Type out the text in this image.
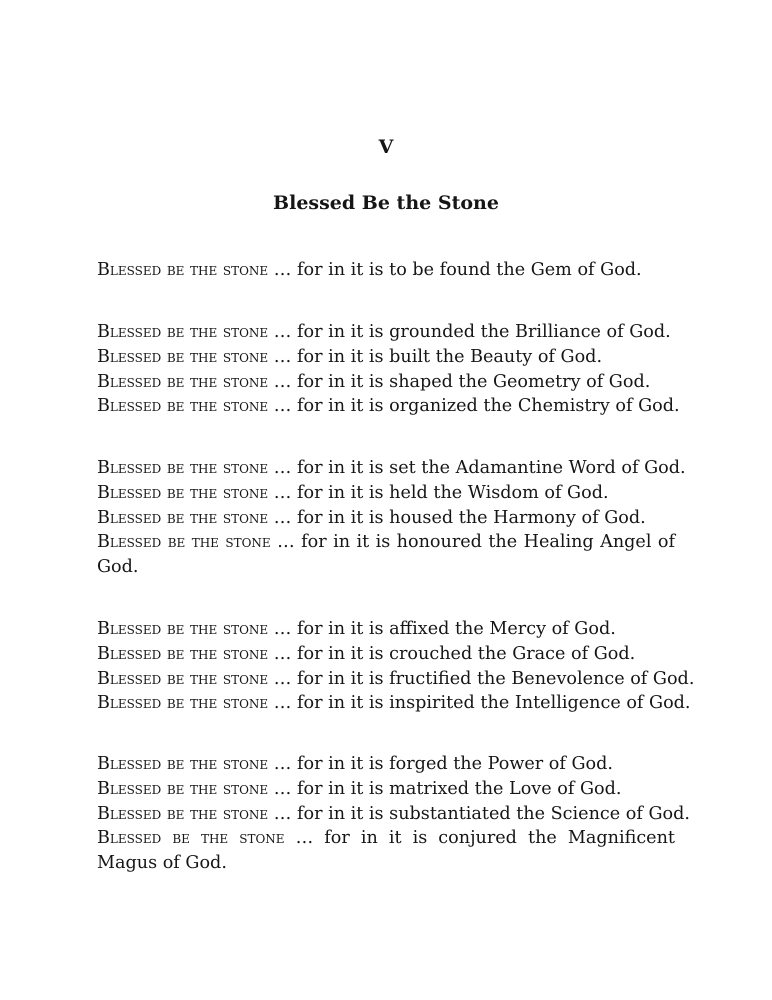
V
Blessed Be the Stone

Blessed be the stone … for in it is to be found the Gem of God.

Blessed be the stone … for in it is grounded the Brilliance of God.
Blessed be the stone … for in it is built the Beauty of God.
Blessed be the stone … for in it is shaped the Geometry of God.
Blessed be the stone … for in it is organized the Chemistry of God.

Blessed be the stone … for in it is set the Adamantine Word of God.
Blessed be the stone … for in it is held the Wisdom of God.
Blessed be the stone … for in it is housed the Harmony of God.
Blessed be the stone … for in it is honoured the Healing Angel of God.

Blessed be the stone … for in it is affixed the Mercy of God.
Blessed be the stone … for in it is crouched the Grace of God.
Blessed be the stone … for in it is fructified the Benevolence of God.
Blessed be the stone … for in it is inspirited the Intelligence of God.

Blessed be the stone … for in it is forged the Power of God.
Blessed be the stone … for in it is matrixed the Love of God.
Blessed be the stone … for in it is substantiated the Science of God.
Blessed be the stone … for in it is conjured the Magnificent Magus of God.
